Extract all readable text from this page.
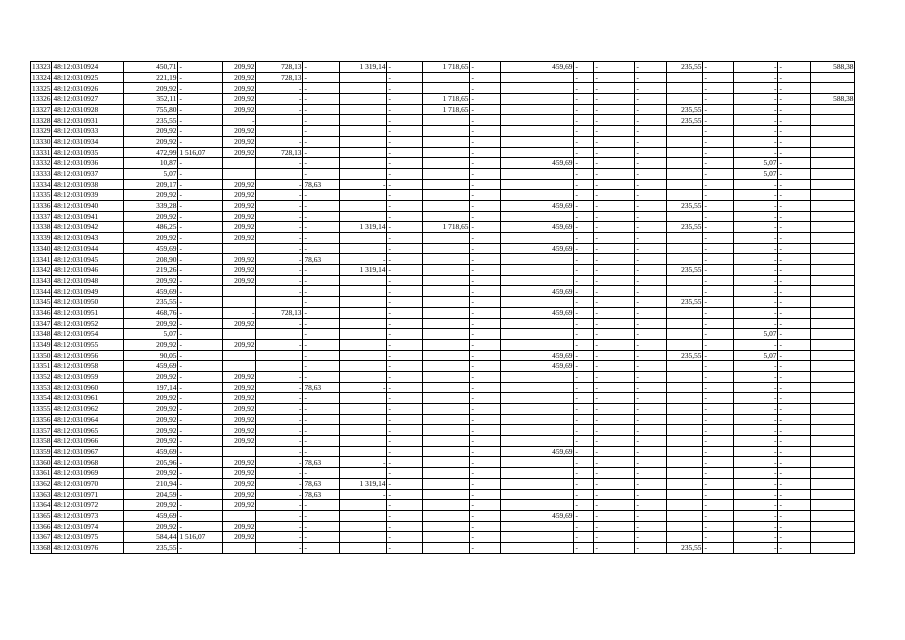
13323	48:12:0310924	450,71	-	209,92	728,13	-	1 319,14	-	1 718,65	-	459,69	-	-	-	235,55	-	-	-	588,38
13324	48:12:0310925	221,19	-	209,92	728,13	-		-		-		-	-	-		-	-	-	
13325	48:12:0310926	209,92	-	209,92	-	-		-		-		-	-	-		-	-	-	
13326	48:12:0310927	352,11	-	209,92	-	-		-	1 718,65	-		-	-	-		-	-	-	588,38
13327	48:12:0310928	755,80	-	209,92	-	-		-	1 718,65	-		-	-	-	235,55	-	-	-	
13328	48:12:0310931	235,55	-	-		-		-		-		-	-	-	235,55	-	-	-	
13329	48:12:0310933	209,92	-	209,92		-		-		-		-	-	-		-	-	-	
13330	48:12:0310934	209,92	-	209,92	-	-		-		-		-	-	-		-	-	-	
13331	48:12:0310935	472,99	1 516,07	209,92	728,13	-		-		-		-	-	-		-	-	-	
13332	48:12:0310936	10,87	-		-	-		-		-	459,69	-	-	-		-	5,07	-	
13333	48:12:0310937	5,07	-			-		-		-		-	-	-		-	5,07	-	
13334	48:12:0310938	209,17	-	209,92	-	78,63	-	-		-		-	-	-		-	-	-	
13335	48:12:0310939	209,92	-	209,92	-	-		-		-		-	-	-		-	-	-	
13336	48:12:0310940	339,28	-	209,92	-	-		-		-	459,69	-	-	-	235,55	-	-	-	
13337	48:12:0310941	209,92	-	209,92	-	-		-		-		-	-	-		-	-	-	
13338	48:12:0310942	486,25	-	209,92	-	-	1 319,14	-	1 718,65	-	459,69	-	-	-	235,55	-	-	-	
13339	48:12:0310943	209,92	-	209,92	-	-		-		-		-	-	-		-	-	-	
13340	48:12:0310944	459,69	-		-	-		-		-	459,69	-	-	-		-	-	-	
13341	48:12:0310945	208,90	-	209,92	-	78,63	-	-		-		-	-	-		-	-	-	
13342	48:12:0310946	219,26	-	209,92	-	-	1 319,14	-		-		-	-	-	235,55	-	-	-	
13343	48:12:0310948	209,92	-	209,92	-	-		-		-		-	-	-		-	-	-	
13344	48:12:0310949	459,69	-		-	-		-		-	459,69	-	-	-		-	-	-	
13345	48:12:0310950	235,55	-			-		-		-		-	-	-	235,55	-	-	-	
13346	48:12:0310951	468,76	-	-	728,13	-		-		-	459,69	-	-	-		-	-	-	
13347	48:12:0310952	209,92	-	209,92	-	-		-		-		-	-	-		-	-	-	
13348	48:12:0310954	5,07	-			-		-		-		-	-	-		-	5,07	-	
13349	48:12:0310955	209,92	-	209,92	-	-		-		-		-	-	-		-	-	-	
13350	48:12:0310956	90,05	-			-		-		-	459,69	-	-	-	235,55	-	5,07	-	
13351	48:12:0310958	459,69	-			-		-		-	459,69	-	-	-		-	-	-	
13352	48:12:0310959	209,92	-	209,92	-	-		-		-		-	-	-		-	-	-	
13353	48:12:0310960	197,14	-	209,92	-	78,63	-	-		-		-	-	-		-	-	-	
13354	48:12:0310961	209,92	-	209,92	-	-		-		-		-	-	-		-	-	-	
13355	48:12:0310962	209,92	-	209,92	-	-		-		-		-	-	-		-	-	-	
13356	48:12:0310964	209,92	-	209,92	-	-		-		-		-	-	-		-	-	-	
13357	48:12:0310965	209,92	-	209,92	-	-		-		-		-	-	-		-	-	-	
13358	48:12:0310966	209,92	-	209,92	-	-		-		-		-	-	-		-	-	-	
13359	48:12:0310967	459,69	-		-	-		-		-	459,69	-	-	-		-	-	-	
13360	48:12:0310968	205,96	-	209,92	-	78,63	-	-		-		-	-	-		-	-	-	
13361	48:12:0310969	209,92	-	209,92	-	-		-		-		-	-	-		-	-	-	
13362	48:12:0310970	210,94	-	209,92	-	78,63	1 319,14	-		-		-	-	-		-	-	-	
13363	48:12:0310971	204,59	-	209,92	-	78,63	-	-		-		-	-	-		-	-	-	
13364	48:12:0310972	209,92	-	209,92	-	-		-		-		-	-	-		-	-	-	
13365	48:12:0310973	459,69	-		-	-		-		-	459,69	-	-	-		-	-	-	
13366	48:12:0310974	209,92	-	209,92	-	-		-		-		-	-	-		-	-	-	
13367	48:12:0310975	584,44	1 516,07	209,92	-	-		-		-		-	-	-		-	-	-	
13368	48:12:0310976	235,55	-		-	-		-		-		-	-	-	235,55	-	-	-	
